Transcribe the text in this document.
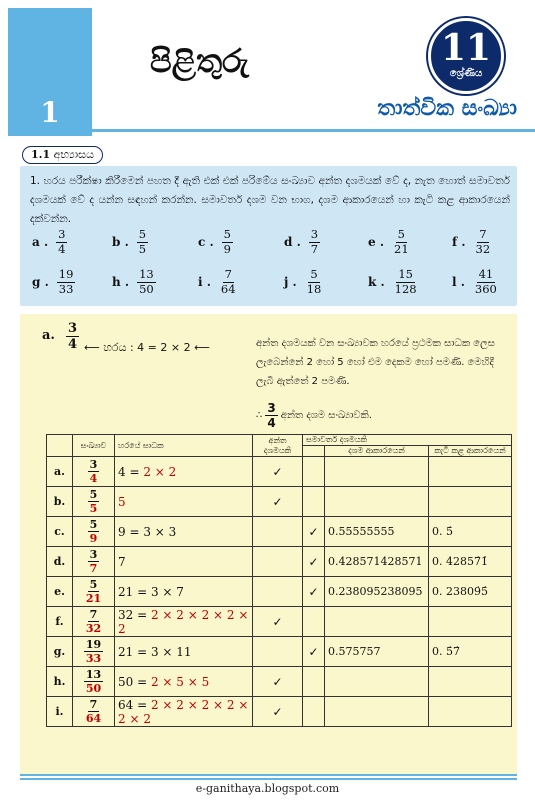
1
පිළිතුරු	11
ශ්‍රේණිය
තාත්වික සංඛ්‍යා
1.1 අභ්‍යාසය
1. හරය පරීක්ෂා කිරීමෙන් පහත දී ඇති එක් එක් පරිමේය සංඛ්‍යාව අන්ත දශමයක් වේ ද, නැත හොත් සමාවර්ත දශමයක් වේ ද යන්න සඳහන් කරන්න. සමාවර්ත දශම වන භාග, දශම ආකාරයෙන් හා කැටි කළ ආකාරයෙන් දක්වන්න.
a . $\frac{3}{4}$	b . $\frac{5}{5}$	c . $\frac{5}{9}$	d . $\frac{3}{7}$	e . $\frac{5}{21}$	f . $\frac{7}{32}$
g . $\frac{19}{33}$	h . $\frac{13}{50}$	i . $\frac{7}{64}$	j . $\frac{5}{18}$	k . $\frac{15}{128}$	l . $\frac{41}{360}$
a. $\frac{3}{4}$ ⟵ හරය : 4 = 2 × 2 ⟵	අන්ත දශමයක් වන සංඛ්‍යාවක හරයේ ප්‍රථමක සාධක ලෙස ලැබෙන්නේ 2 හෝ 5 හෝ එම දෙකම හෝ පමණි. මෙහිදී ලැබී ඇත්තේ 2 පමණි.
∴ $\frac{3}{4}$ අන්ත දශම සංඛ්‍යාවකි.
	සංඛ්‍යාව	හරයේ සාධක	අන්ත දශමයකි	සමාවර්ත දශමයකි		
					දශම ආකාරයෙන්	කැටි කළ ආකාරයෙන්
a.	$\frac{3}{4}$	4 = 2 × 2	✓			
b.	$\frac{5}{5}$	5	✓			
c.	$\frac{5}{9}$	9 = 3 × 3		✓	0.55555555	0. 5̇
d.	$\frac{3}{7}$	7		✓	0.428571428571	0. 42857̇1̇
e.	$\frac{5}{21}$	21 = 3 × 7		✓	0.238095238095	0. 23809̇5̇
f.	$\frac{7}{32}$	32 = 2 × 2 × 2 × 2 × 2	✓			
g.	$\frac{19}{33}$	21 = 3 × 11		✓	0.575757	0. 5̇7̇
h.	$\frac{13}{50}$	50 = 2 × 5 × 5	✓			
i.	$\frac{7}{64}$	64 = 2 × 2 × 2 × 2 × 2 × 2	✓			
e-ganithaya.blogspot.com
